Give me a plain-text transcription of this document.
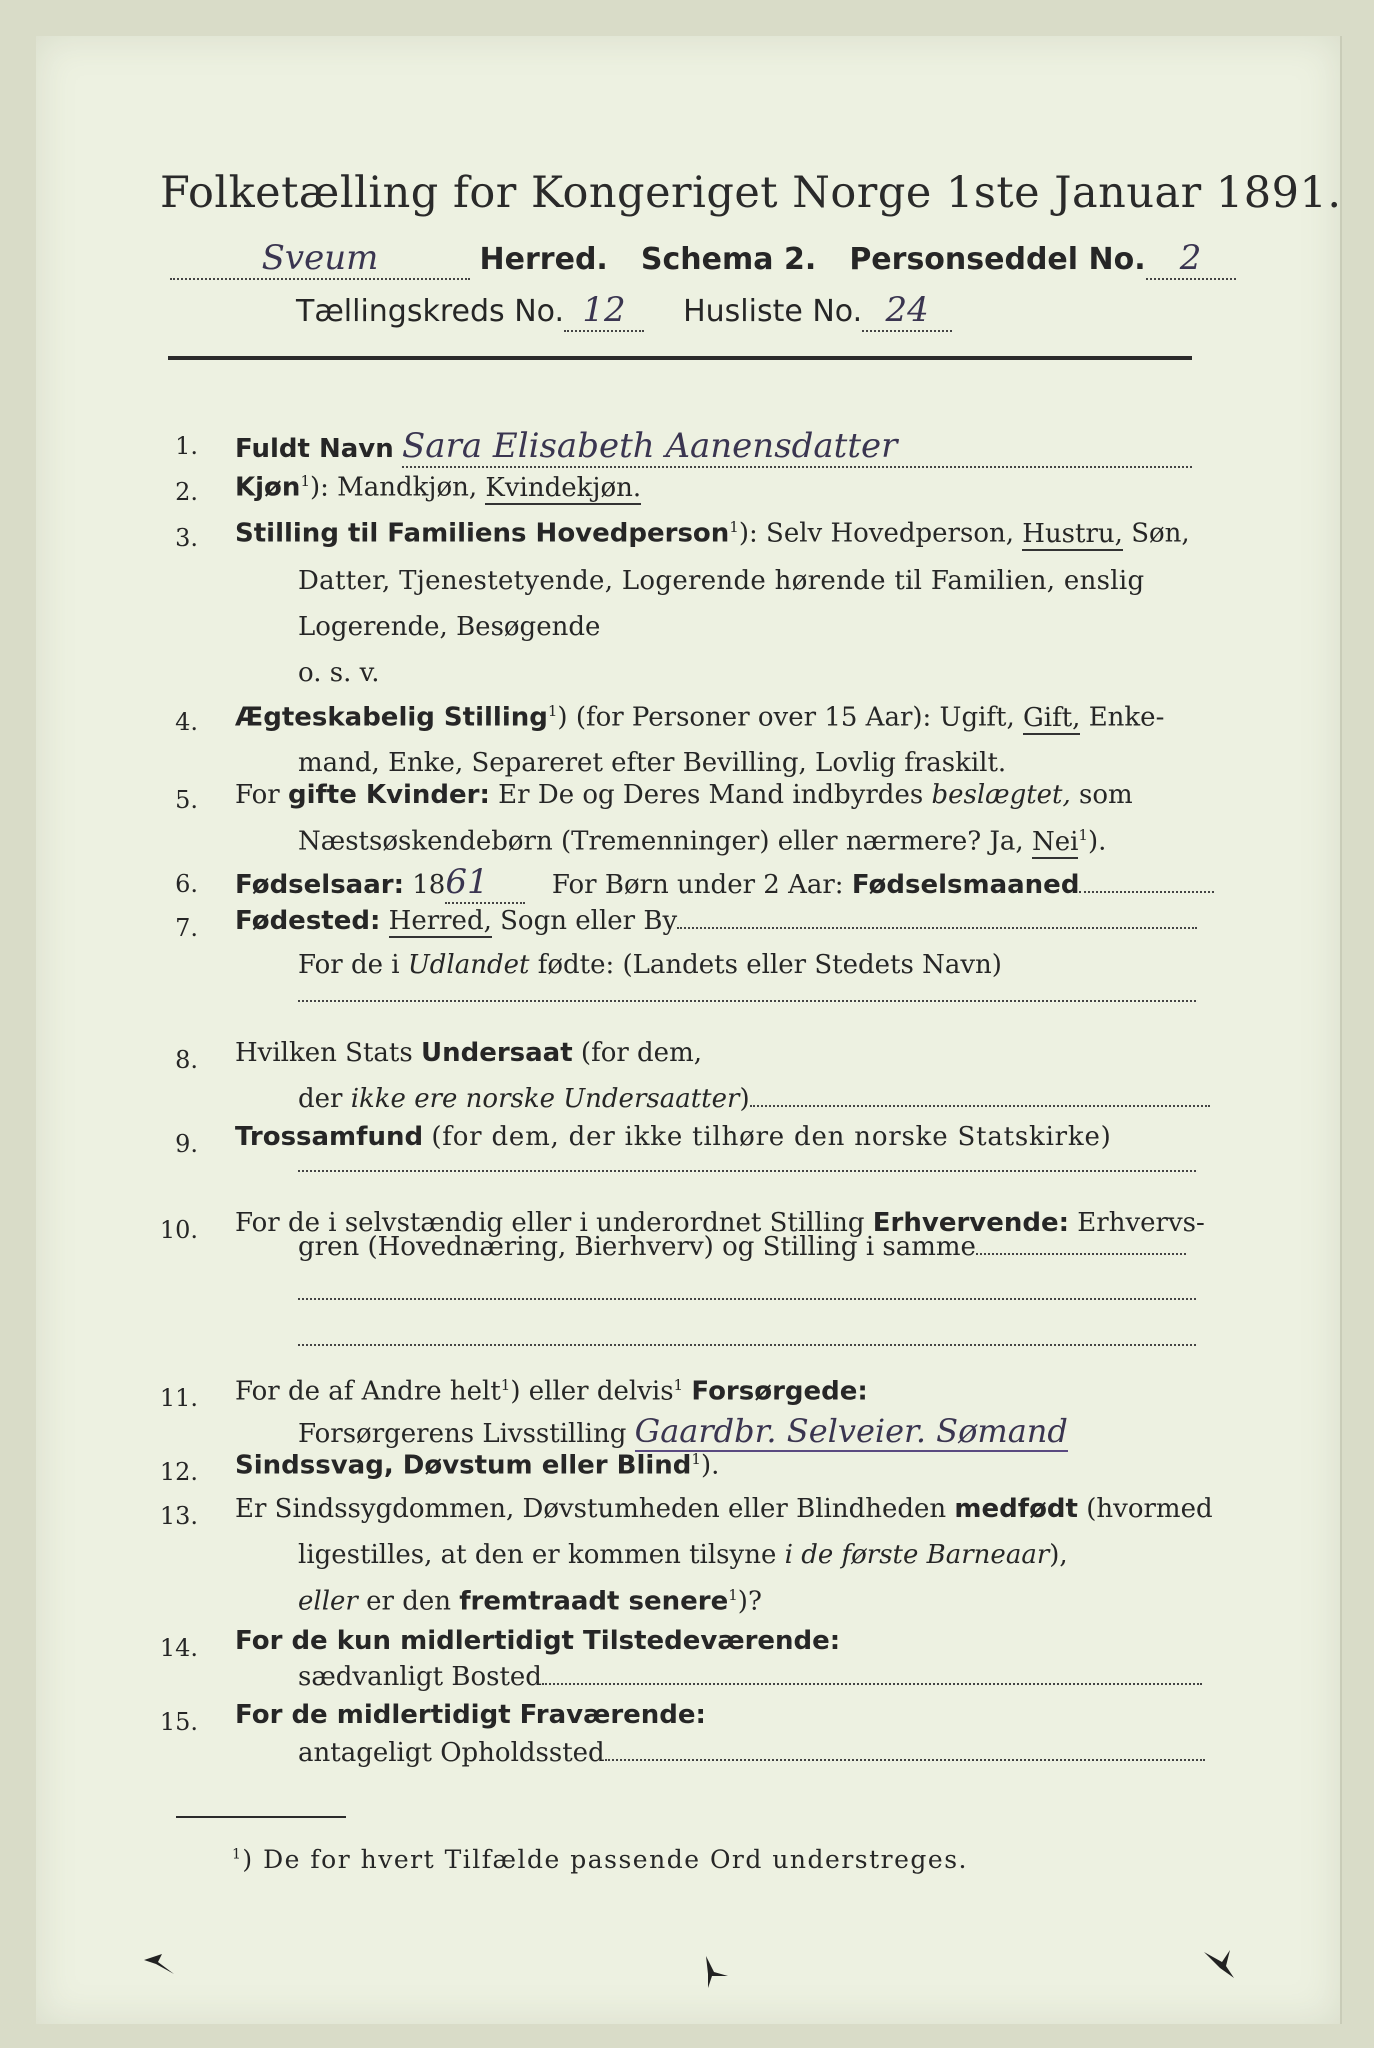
Folketælling for Kongeriget Norge 1ste Januar 1891.
Sveum	Herred. Schema 2. Personseddel No. 2
Tællingskreds No. 12 Husliste No. 24
1. Fuldt Navn Sara Elisabeth Aanensdatter
2. Kjøn$^1$): Mandkjøn, Kvindekjøn.
3. Stilling til Familiens Hovedperson$^1$): Selv Hovedperson, Hustru, Søn,
Datter, Tjenestetyende, Logerende hørende til Familien, enslig
Logerende, Besøgende
o. s. v.
4. Ægteskabelig Stilling$^1$) (for Personer over 15 Aar): Ugift, Gift, Enke-
mand, Enke, Separeret efter Bevilling, Lovlig fraskilt.
5. For gifte Kvinder: Er De og Deres Mand indbyrdes beslægtet, som
Næstsøskendebørn (Tremenninger) eller nærmere? Ja, Nei$^1$).
6. Fødselsaar: 1861 For Børn under 2 Aar: Fødselsmaaned
7. Fødested: Herred, Sogn eller By
For de i Udlandet fødte: (Landets eller Stedets Navn)
8. Hvilken Stats Undersaat (for dem,
der ikke ere norske Undersaatter)
9. Trossamfund (for dem, der ikke tilhøre den norske Statskirke)
10. For de i selvstændig eller i underordnet Stilling Erhvervende: Erhvervs-
gren (Hovednæring, Bierhverv) og Stilling i samme
11. For de af Andre helt$^1$) eller delvis$^1$ Forsørgede:
Forsørgerens Livsstilling Gaardbr. Selveier. Sømand
12. Sindssvag, Døvstum eller Blind$^1$).
13. Er Sindssygdommen, Døvstumheden eller Blindheden medfødt (hvormed
ligestilles, at den er kommen tilsyne i de første Barneaar),
eller er den fremtraadt senere$^1$)?
14. For de kun midlertidigt Tilstedeværende:
sædvanligt Bosted
15. For de midlertidigt Fraværende:
antageligt Opholdssted
$^1$) De for hvert Tilfælde passende Ord understreges.
